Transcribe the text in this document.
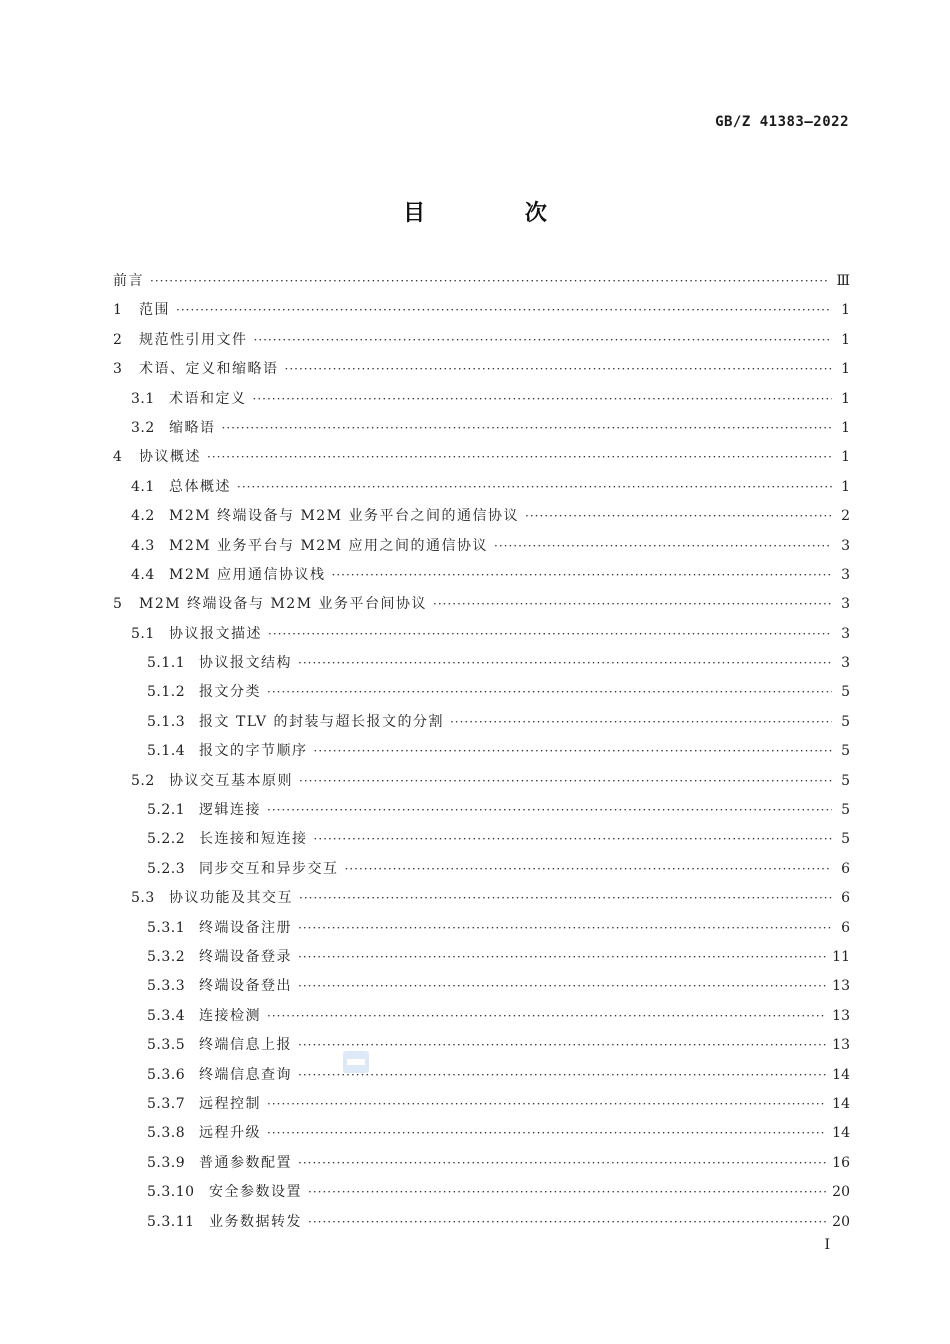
GB/Z 41383—2022
目 次
前言 ·····	Ⅲ
1	范围 ·····	1
2	规范性引用文件 ·····	1
3	术语、定义和缩略语 ·····	1
3.1	术语和定义 ·····	1
3.2	缩略语 ·····	1
4	协议概述 ·····	1
4.1	总体概述 ·····	1
4.2	M2M 终端设备与 M2M 业务平台之间的通信协议 ·····	2
4.3	M2M 业务平台与 M2M 应用之间的通信协议 ·····	3
4.4	M2M 应用通信协议栈 ·····	3
5	M2M 终端设备与 M2M 业务平台间协议 ·····	3
5.1	协议报文描述 ·····	3
5.1.1 协议报文结构 ·····	3
5.1.2 报文分类 ·····	5
5.1.3 报文 TLV 的封装与超长报文的分割 ·····	5
5.1.4 报文的字节顺序 ·····	5
5.2	协议交互基本原则 ·····	5
5.2.1 逻辑连接 ·····	5
5.2.2 长连接和短连接 ·····	5
5.2.3 同步交互和异步交互 ·····	6
5.3	协议功能及其交互 ·····	6
5.3.1 终端设备注册 ·····	6
5.3.2 终端设备登录 ·····	11
5.3.3 终端设备登出 ·····	13
5.3.4 连接检测 ·····	13
5.3.5 终端信息上报 ·····	13
5.3.6 终端信息查询 ·····	14
5.3.7 远程控制 ·····	14
5.3.8 远程升级 ·····	14
5.3.9 普通参数配置 ·····	16
5.3.10	安全参数设置 ·····	20
5.3.11	业务数据转发 ·····	20
I
